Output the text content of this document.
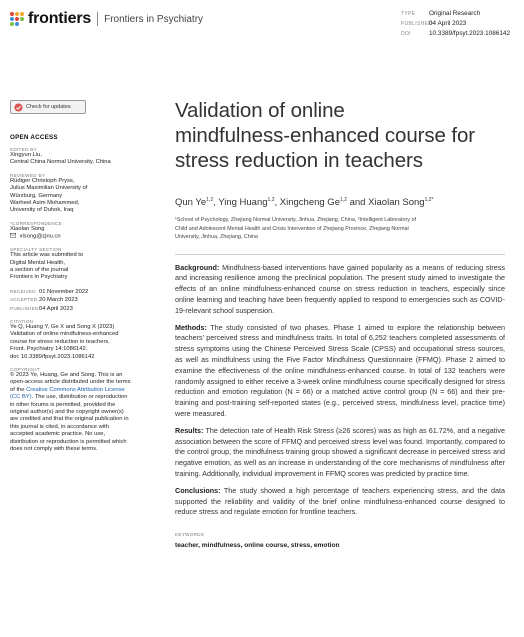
frontiers Frontiers in Psychiatry	TYPE Original Research
PUBLISHED04 April 2023
DOI	10.3389/fpsyt.2023.1086142
Check for updates
OPEN ACCESS
EDITED BY
Xingyun Liu,
Central China Normal University, China
REVIEWED BY
Rüdiger Christoph Pryss,
Julius Maximilian University of
Würzburg, Germany
Warheel Asim Mohammed,
University of Duhok, Iraq
*CORRESPONDENCE
Xiaolan Song
xlsong@zjnu.cn
SPECIALTY SECTION
This article was submitted to
Digital Mental Health,
a section of the journal
Frontiers in Psychiatry
RECEIVED 01 November 2022
ACCEPTED 20 March 2023
PUBLISHED04 April 2023
CITATION
Ye Q, Huang Y, Ge X and Song X (2023)
Validation of online mindfulness-enhanced
course for stress reduction in teachers.
Front. Psychiatry 14:1086142.
doi: 10.3389/fpsyt.2023.1086142
COPYRIGHT
© 2023 Ye, Huang, Ge and Song. This is an
open-access article distributed under the terms
of the Creative Commons Attribution License
(CC BY). The use, distribution or reproduction
in other forums is permitted, provided the
original author(s) and the copyright owner(s)
are credited and that the original publication in
this journal is cited, in accordance with
accepted academic practice. No use,
distribution or reproduction is permitted which
does not comply with these terms.
Validation of online
mindfulness-enhanced course for
stress reduction in teachers
Qun Ye$^{1,2}$, Ying Huang$^{1,2}$, Xingcheng Ge$^{1,2}$ and Xiaolan Song$^{1,2*}$
¹School of Psychology, Zhejiang Normal University, Jinhua, Zhejiang, China, ²Intelligent Laboratory of
Child and Adolescent Mental Health and Crisis Intervention of Zhejiang Province, Zhejiang Normal
University, Jinhua, Zhejiang, China

Background: Mindfulness-based interventions have gained popularity as a means of reducing stress and increasing resilience among the preclinical population. The present study aimed to investigate the effects of an online mindfulness-enhanced course on stress reduction in teachers, especially since online learning and teaching have been frequently applied to respond to emergencies such as COVID-19-relevant school suspension.

Methods: The study consisted of two phases. Phase 1 aimed to explore the relationship between teachers' perceived stress and mindfulness traits. In total of 6,252 teachers completed assessments of stress symptoms using the Chinese Perceived Stress Scale (CPSS) and occupational stress sources, as well as mindfulness using the Five Factor Mindfulness Questionnaire (FFMQ). Phase 2 aimed to examine the effectiveness of the online mindfulness-enhanced course. In total of 132 teachers were randomly assigned to either receive a 3-week online mindfulness course specifically designed for stress reduction and emotion regulation (N = 66) or a matched active control group (N = 66) and their pre-training and post-training self-reported states (e.g., perceived stress, mindfulness level, practice time) were measured.

Results: The detection rate of Health Risk Stress (≥26 scores) was as high as 61.72%, and a negative association between the score of FFMQ and perceived stress level was found. Importantly, compared to the control group, the mindfulness training group showed a significant decrease in perceived stress and negative emotion, as well as an increase in understanding of the core mechanisms of mindfulness after training. Additionally, individual improvement in FFMQ scores was predicted by practice time.

Conclusions: The study showed a high percentage of teachers experiencing stress, and the data supported the reliability and validity of the brief online mindfulness-enhanced course designed to reduce stress and regulate emotion for frontline teachers.

KEYWORDS
teacher, mindfulness, online course, stress, emotion
